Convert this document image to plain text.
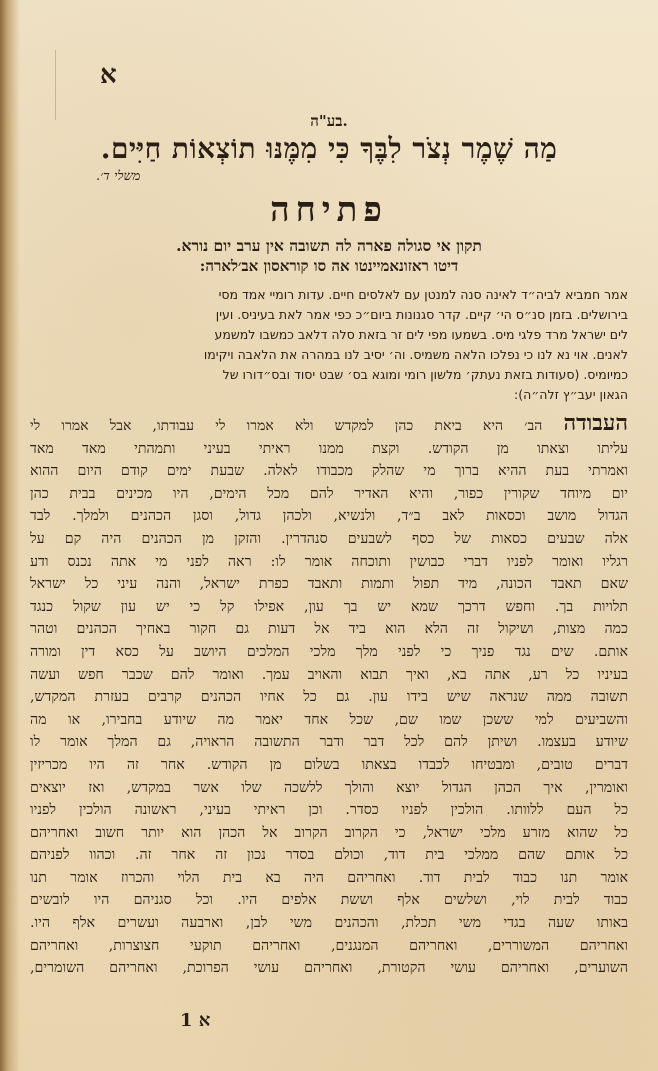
א
בע"ה.
מַה שֶׁמֶר נְצֹר לִבֶּךָ כִּי מִמֶּנּוּ תוֹצְאוֹת חַיִּים.
משלי ד׳.
פתיחה
תקון אי סגולה פארה לה תשובה אין ערב יום נורא.
דיטו ראזונאמיינטו אה סו קוראסון אב׳לארה:

אמר חמביא לביה״ד לאינה סנה למנטן עם לאלסים חיים. עדות רומיי אמד מסי

בירושלים. בזמן סנ״ס הי׳ קיים. קדר סגנונות ביום״כ כפי אמר לאת בעיניס. ועין

לים ישראל מרד פלגי מיס. בשמעו מפי לים זר בזאת סלה דלאב כמשבו למשמע

לאנים. אוי נא לנו כי נפלכו הלאה משמיס. וה׳ יסיב לנו במהרה את הלאבה ויקימו

כמיומיס. (סעודות בזאת נעתק׳ מלשון רומי ומוגא בס׳ שבט יסוד ובס״דורו של

הגאון יעב״ץ זלה״ה):

העבודה הב׳ היא ביאת כהן למקדש ולא אמרו לי עבודתו, אבל אמרו לי

עליתו וצאתו מן הקודש. וקצת ממנו ראיתי בעיני ותמהתי מאד מאד

ואמרתי בעת ההיא ברוך מי שהלק מכבודו לאלה. שבעת ימים קודם היום ההוא

יום מיוחד שקורין כפור, והיא האדיר להם מכל הימים, היו מכינים בבית כהן

הגדול מושב וכסאות לאב ב״ד, ולנשיא, ולכהן גדול, וסגן הכהנים ולמלך. לבד

אלה שבעים כסאות של כסף לשבעים סנהדרין. והזקן מן הכהנים היה קם על

רגליו ואומר לפניו דברי כבושין ותוכחה אומר לו: ראה לפני מי אתה נכנס ודע

שאם תאבד הכונה, מיד תפול ותמות ותאבד כפרת ישראל, והנה עיני כל ישראל

תלויות בך. וחפש דרכך שמא יש בך עון, אפילו קל כי יש עון שקול כנגד

כמה מצות, ושיקול זה הלא הוא ביד אל דעות גם חקור באחיך הכהנים וטהר

אותם. שים נגד פניך כי לפני מלך מלכי המלכים היושב על כסא דין ומורה

בעיניו כל רע, אתה בא, ואיך תבוא והאויב עמך. ואומר להם שכבר חפש ועשה

תשובה ממה שנראה שיש בידו עון. גם כל אחיו הכהנים קרבים בעזרת המקדש,

והשביעים למי ששכן שמו שם, שכל אחד יאמר מה שיודע בחבירו, או מה

שיודע בעצמו. ושיתן להם לכל דבר ודבר התשובה הראויה, גם המלך אומר לו

דברים טובים, ומבטיחו לכבדו בצאתו בשלום מן הקודש. אחר זה היו מכריזין

ואומרין, איך הכהן הגדול יוצא והולך ללשכה שלו אשר במקדש, ואז יוצאים

כל העם ללוותו. הולכין לפניו כסדר. וכן ראיתי בעיני, ראשונה הולכין לפניו

כל שהוא מזרע מלכי ישראל, כי הקרוב הקרוב אל הכהן הוא יותר חשוב ואחריהם

כל אותם שהם ממלכי בית דוד, וכולם בסדר נכון זה אחר זה. וכהוו לפניהם

אומר תנו כבוד לבית דוד. ואחריהם היה בא בית הלוי והכרוז אומר תנו

כבוד לבית לוי, ושלשים אלף וששת אלפים היו. וכל סגניהם היו לובשים

באותו שעה בגדי משי תכלת, והכהנים משי לבן, וארבעה ועשרים אלף היו.

ואחריהם המשוררים, ואחריהם המנגנים, ואחריהם תוקעי חצוצרות, ואחריהם

השוערים, ואחריהם עושי הקטורת, ואחריהם עושי הפרוכת, ואחריהם השומרים,

1 א
